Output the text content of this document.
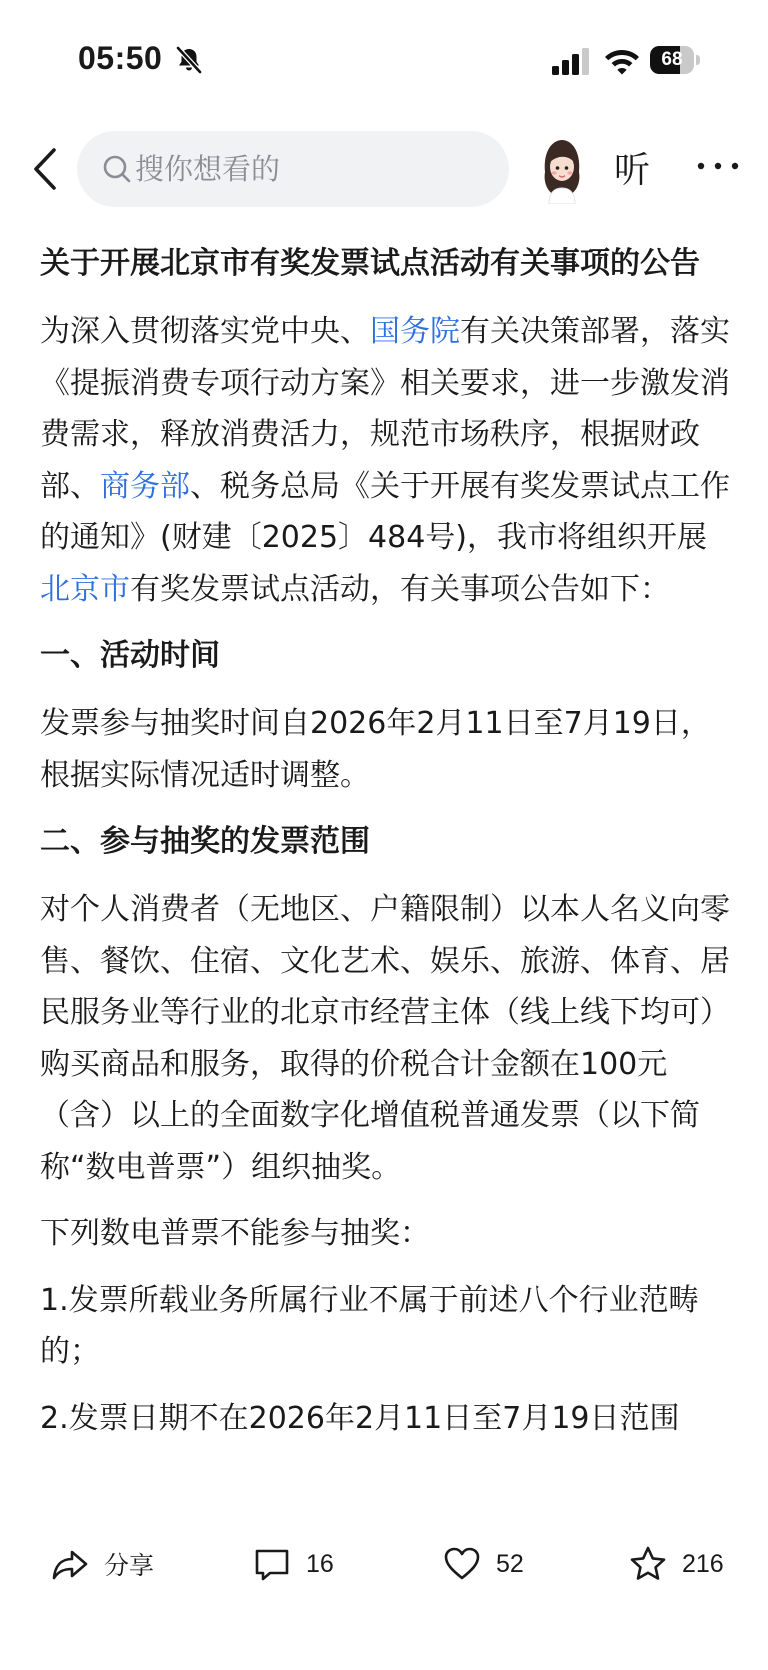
05:50	68
搜你想看的	听
关于开展北京市有奖发票试点活动有关事项的公告
为深入贯彻落实党中央、国务院有关决策部署，落实《提振消费专项行动方案》相关要求，进一步激发消费需求，释放消费活力，规范市场秩序，根据财政部、商务部、税务总局《关于开展有奖发票试点工作的通知》(财建〔2025〕484号)，我市将组织开展北京市有奖发票试点活动，有关事项公告如下：
一、活动时间
发票参与抽奖时间自2026年2月11日至7月19日，根据实际情况适时调整。
二、参与抽奖的发票范围
对个人消费者（无地区、户籍限制）以本人名义向零售、餐饮、住宿、文化艺术、娱乐、旅游、体育、居民服务业等行业的北京市经营主体（线上线下均可）购买商品和服务，取得的价税合计金额在100元（含）以上的全面数字化增值税普通发票（以下简称“数电普票”）组织抽奖。
下列数电普票不能参与抽奖：
1.发票所载业务所属行业不属于前述八个行业范畴的；
2.发票日期不在2026年2月11日至7月19日范围
分享	16	52	216
